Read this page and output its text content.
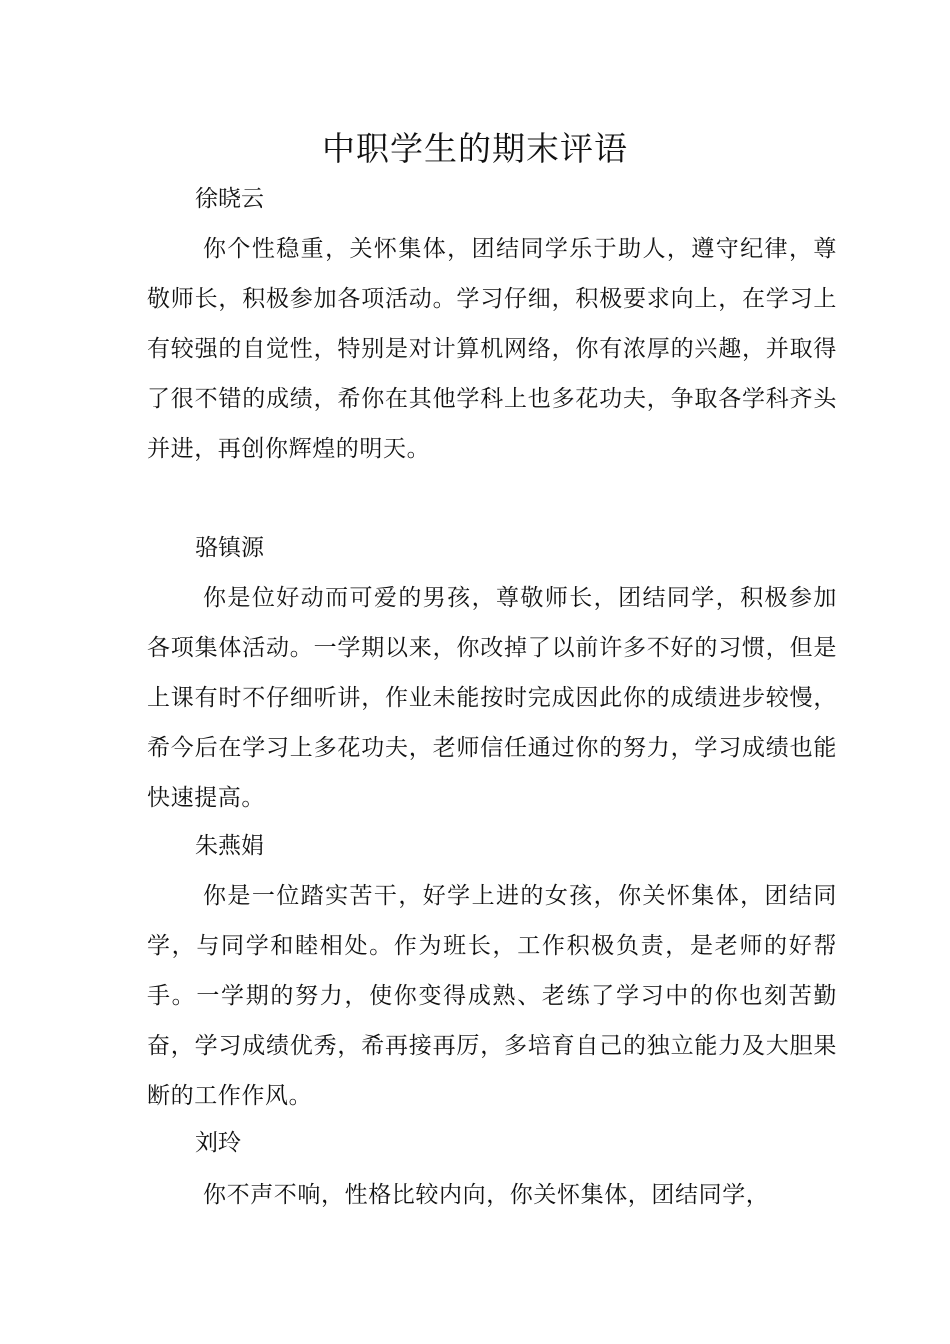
中职学生的期末评语

徐晓云

你个性稳重，关怀集体，团结同学乐于助人，遵守纪律，尊敬师长，积极参加各项活动。学习仔细，积极要求向上，在学习上有较强的自觉性，特别是对计算机网络，你有浓厚的兴趣，并取得了很不错的成绩，希你在其他学科上也多花功夫，争取各学科齐头并进，再创你辉煌的明天。

骆镇源

你是位好动而可爱的男孩，尊敬师长，团结同学，积极参加各项集体活动。一学期以来，你改掉了以前许多不好的习惯，但是上课有时不仔细听讲，作业未能按时完成因此你的成绩进步较慢，希今后在学习上多花功夫，老师信任通过你的努力，学习成绩也能快速提高。

朱燕娟

你是一位踏实苦干，好学上进的女孩，你关怀集体，团结同学，与同学和睦相处。作为班长，工作积极负责，是老师的好帮手。一学期的努力，使你变得成熟、老练了学习中的你也刻苦勤奋，学习成绩优秀，希再接再厉，多培育自己的独立能力及大胆果断的工作作风。

刘玲

你不声不响，性格比较内向，你关怀集体，团结同学，
